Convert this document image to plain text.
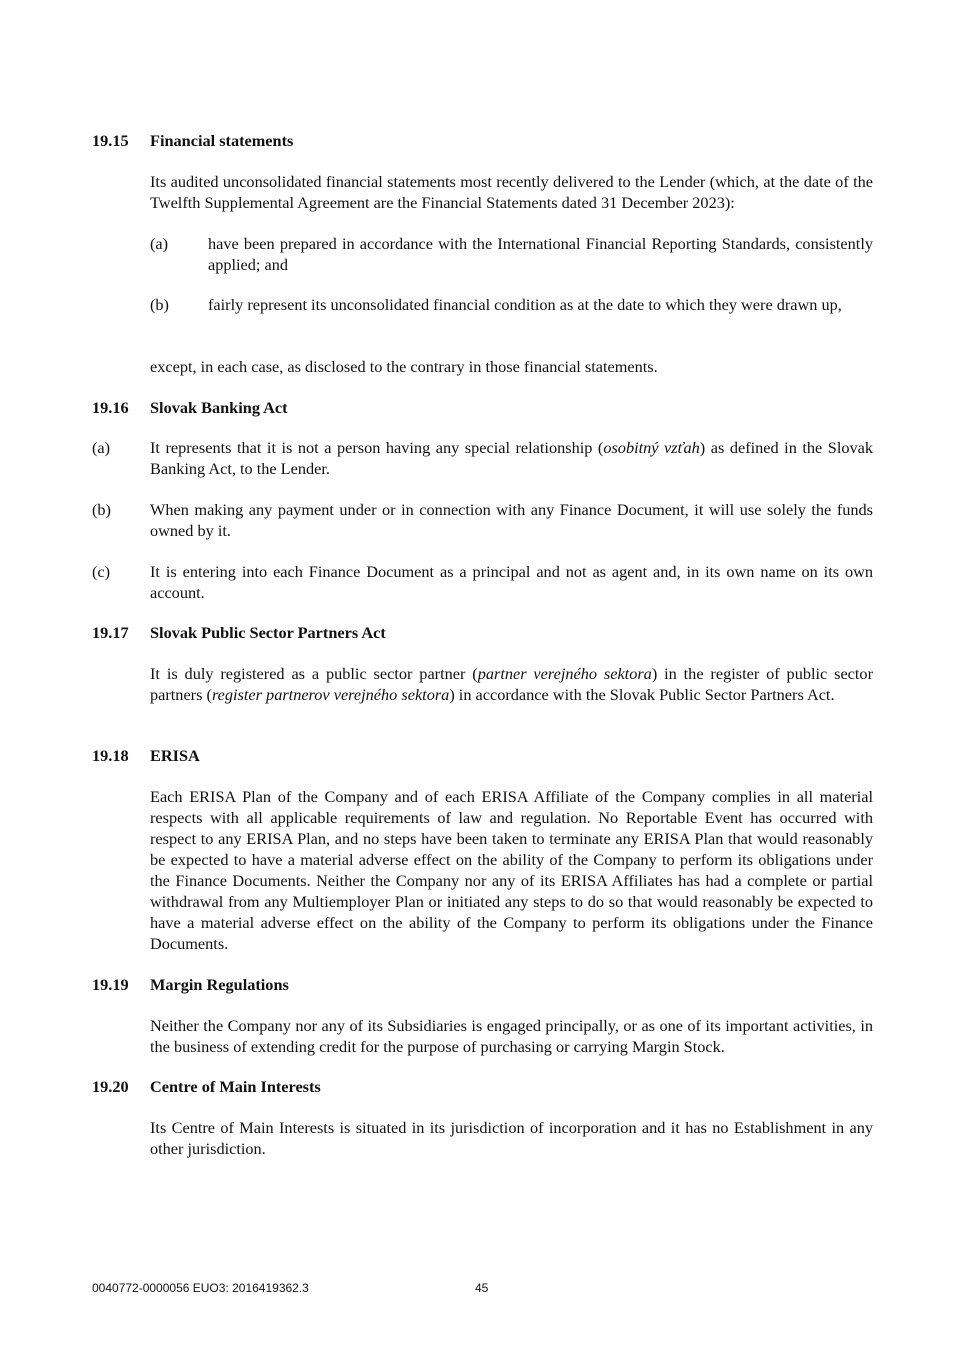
19.15 Financial statements
Its audited unconsolidated financial statements most recently delivered to the Lender (which, at the date of the Twelfth Supplemental Agreement are the Financial Statements dated 31 December 2023):
(a) have been prepared in accordance with the International Financial Reporting Standards, consistently applied; and
(b) fairly represent its unconsolidated financial condition as at the date to which they were drawn up,
except, in each case, as disclosed to the contrary in those financial statements.
19.16 Slovak Banking Act
(a) It represents that it is not a person having any special relationship (osobitný vzťah) as defined in the Slovak Banking Act, to the Lender.
(b) When making any payment under or in connection with any Finance Document, it will use solely the funds owned by it.
(c) It is entering into each Finance Document as a principal and not as agent and, in its own name on its own account.
19.17 Slovak Public Sector Partners Act
It is duly registered as a public sector partner (partner verejného sektora) in the register of public sector partners (register partnerov verejného sektora) in accordance with the Slovak Public Sector Partners Act.
19.18 ERISA
Each ERISA Plan of the Company and of each ERISA Affiliate of the Company complies in all material respects with all applicable requirements of law and regulation. No Reportable Event has occurred with respect to any ERISA Plan, and no steps have been taken to terminate any ERISA Plan that would reasonably be expected to have a material adverse effect on the ability of the Company to perform its obligations under the Finance Documents. Neither the Company nor any of its ERISA Affiliates has had a complete or partial withdrawal from any Multiemployer Plan or initiated any steps to do so that would reasonably be expected to have a material adverse effect on the ability of the Company to perform its obligations under the Finance Documents.
19.19 Margin Regulations
Neither the Company nor any of its Subsidiaries is engaged principally, or as one of its important activities, in the business of extending credit for the purpose of purchasing or carrying Margin Stock.
19.20 Centre of Main Interests
Its Centre of Main Interests is situated in its jurisdiction of incorporation and it has no Establishment in any other jurisdiction.
0040772-0000056 EUO3: 2016419362.3	45
